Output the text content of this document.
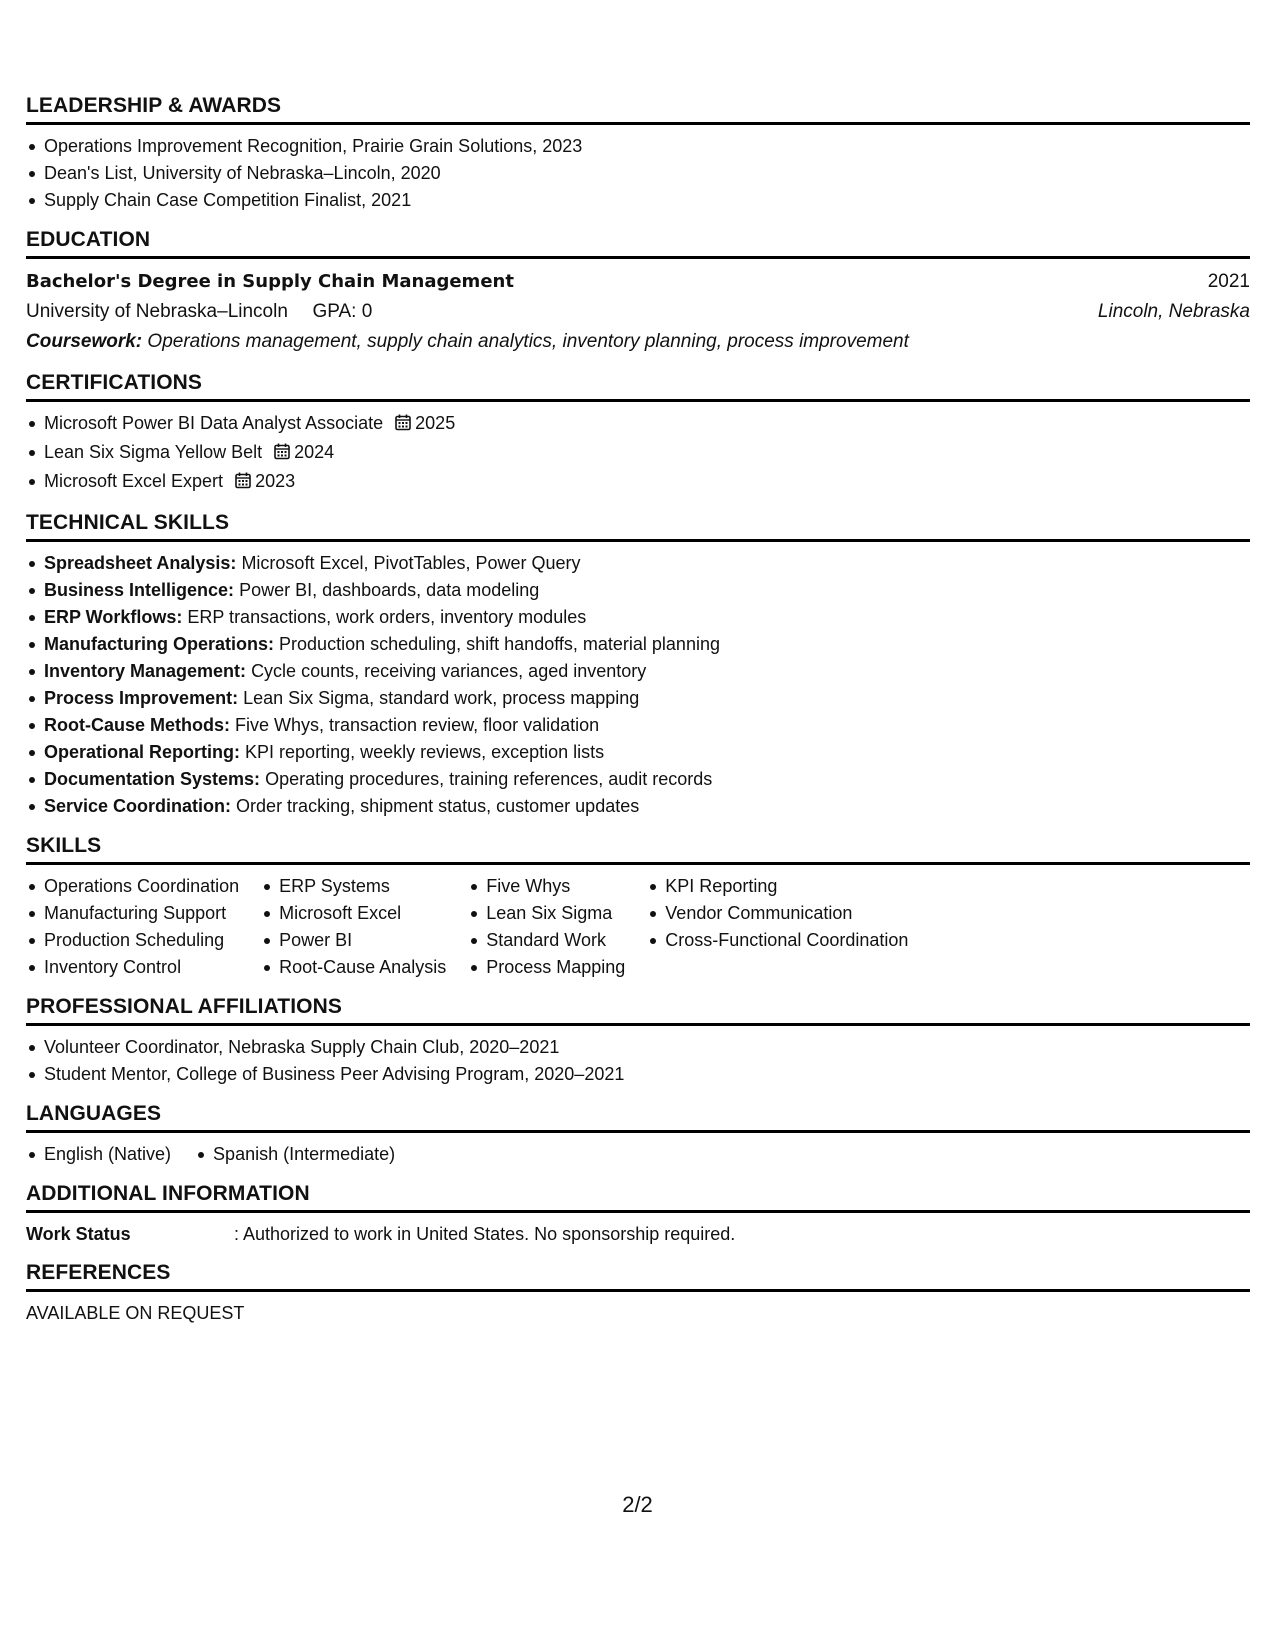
LEADERSHIP & AWARDS
Operations Improvement Recognition, Prairie Grain Solutions, 2023
Dean's List, University of Nebraska–Lincoln, 2020
Supply Chain Case Competition Finalist, 2021
EDUCATION
Bachelor's Degree in Supply Chain Management	2021
University of Nebraska–Lincoln GPA: 0	Lincoln, Nebraska
Coursework: Operations management, supply chain analytics, inventory planning, process improvement
CERTIFICATIONS
Microsoft Power BI Data Analyst Associate 2025
Lean Six Sigma Yellow Belt 2024
Microsoft Excel Expert 2023
TECHNICAL SKILLS
Spreadsheet Analysis: Microsoft Excel, PivotTables, Power Query
Business Intelligence: Power BI, dashboards, data modeling
ERP Workflows: ERP transactions, work orders, inventory modules
Manufacturing Operations: Production scheduling, shift handoffs, material planning
Inventory Management: Cycle counts, receiving variances, aged inventory
Process Improvement: Lean Six Sigma, standard work, process mapping
Root-Cause Methods: Five Whys, transaction review, floor validation
Operational Reporting: KPI reporting, weekly reviews, exception lists
Documentation Systems: Operating procedures, training references, audit records
Service Coordination: Order tracking, shipment status, customer updates
SKILLS
Operations Coordination
Manufacturing Support
Production Scheduling
Inventory Control
ERP Systems
Microsoft Excel
Power BI
Root-Cause Analysis
Five Whys
Lean Six Sigma
Standard Work
Process Mapping
KPI Reporting
Vendor Communication
Cross-Functional Coordination
PROFESSIONAL AFFILIATIONS
Volunteer Coordinator, Nebraska Supply Chain Club, 2020–2021
Student Mentor, College of Business Peer Advising Program, 2020–2021
LANGUAGES
English (Native)	Spanish (Intermediate)
ADDITIONAL INFORMATION
Work Status	: Authorized to work in United States. No sponsorship required.
REFERENCES
AVAILABLE ON REQUEST
2/2
